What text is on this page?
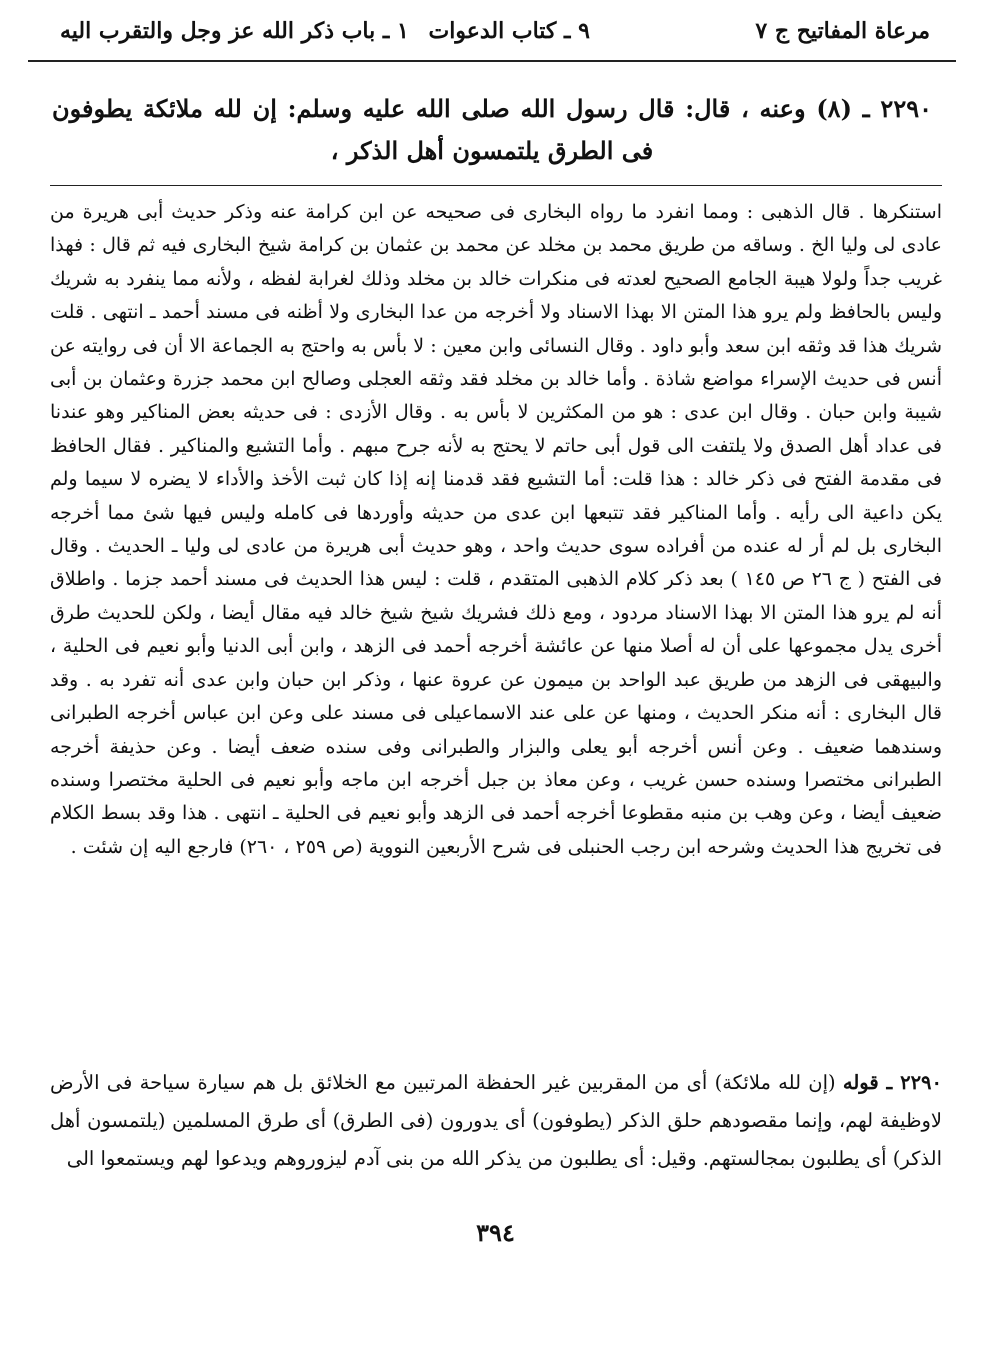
مرعاة المفاتيح ج ٧
٩ ـ كتاب الدعوات
١ ـ باب ذكر الله عز وجل والتقرب اليه
٢٢٩٠ ـ (٨) وعنه ، قال: قال رسول الله صلى الله عليه وسلم: إن لله ملائكة يطوفون فى الطرق يلتمسون أهل الذكر ،

استنكرها . قال الذهبى : ومما انفرد ما رواه البخارى فى صحيحه عن ابن كرامة عنه وذكر حديث أبى هريرة من عادى لى وليا الخ . وساقه من طريق محمد بن مخلد عن محمد بن عثمان بن كرامة شيخ البخارى فيه ثم قال : فهذا غريب جداً ولولا هيبة الجامع الصحيح لعدته فى منكرات خالد بن مخلد وذلك لغرابة لفظه ، ولأنه مما ينفرد به شريك وليس بالحافظ ولم يرو هذا المتن الا بهذا الاسناد ولا أخرجه من عدا البخارى ولا أظنه فى مسند أحمد ـ انتهى . قلت شريك هذا قد وثقه ابن سعد وأبو داود . وقال النسائى وابن معين : لا بأس به واحتج به الجماعة الا أن فى روايته عن أنس فى حديث الإسراء مواضع شاذة . وأما خالد بن مخلد فقد وثقه العجلى وصالح ابن محمد جزرة وعثمان بن أبى شيبة وابن حبان . وقال ابن عدى : هو من المكثرين لا بأس به . وقال الأزدى : فى حديثه بعض المناكير وهو عندنا فى عداد أهل الصدق ولا يلتفت الى قول أبى حاتم لا يحتج به لأنه جرح مبهم . وأما التشيع والمناكير . فقال الحافظ فى مقدمة الفتح فى ذكر خالد : هذا قلت: أما التشيع فقد قدمنا إنه إذا كان ثبت الأخذ والأداء لا يضره لا سيما ولم يكن داعية الى رأيه . وأما المناكير فقد تتبعها ابن عدى من حديثه وأوردها فى كامله وليس فيها شئ مما أخرجه البخارى بل لم أر له عنده من أفراده سوى حديث واحد ، وهو حديث أبى هريرة من عادى لى وليا ـ الحديث . وقال فى الفتح ( ج ٢٦ ص ١٤٥ ) بعد ذكر كلام الذهبى المتقدم ، قلت : ليس هذا الحديث فى مسند أحمد جزما . واطلاق أنه لم يرو هذا المتن الا بهذا الاسناد مردود ، ومع ذلك فشريك شيخ شيخ خالد فيه مقال أيضا ، ولكن للحديث طرق أخرى يدل مجموعها على أن له أصلا منها عن عائشة أخرجه أحمد فى الزهد ، وابن أبى الدنيا وأبو نعيم فى الحلية ، والبيهقى فى الزهد من طريق عبد الواحد بن ميمون عن عروة عنها ، وذكر ابن حبان وابن عدى أنه تفرد به . وقد قال البخارى : أنه منكر الحديث ، ومنها عن على عند الاسماعيلى فى مسند على وعن ابن عباس أخرجه الطبرانى وسندهما ضعيف . وعن أنس أخرجه أبو يعلى والبزار والطبرانى وفى سنده ضعف أيضا . وعن حذيفة أخرجه الطبرانى مختصرا وسنده حسن غريب ، وعن معاذ بن جبل أخرجه ابن ماجه وأبو نعيم فى الحلية مختصرا وسنده ضعيف أيضا ، وعن وهب بن منبه مقطوعا أخرجه أحمد فى الزهد وأبو نعيم فى الحلية ـ انتهى . هذا وقد بسط الكلام فى تخريج هذا الحديث وشرحه ابن رجب الحنبلى فى شرح الأربعين النووية (ص ٢٥٩ ، ٢٦٠) فارجع اليه إن شئت .

٢٢٩٠ ـ قوله (إن لله ملائكة) أى من المقربين غير الحفظة المرتبين مع الخلائق بل هم سيارة سياحة فى الأرض لاوظيفة لهم، وإنما مقصودهم حلق الذكر (يطوفون) أى يدورون (فى الطرق) أى طرق المسلمين (يلتمسون أهل الذكر) أى يطلبون بمجالستهم. وقيل: أى يطلبون من يذكر الله من بنى آدم ليزوروهم ويدعوا لهم ويستمعوا الى
٣٩٤
